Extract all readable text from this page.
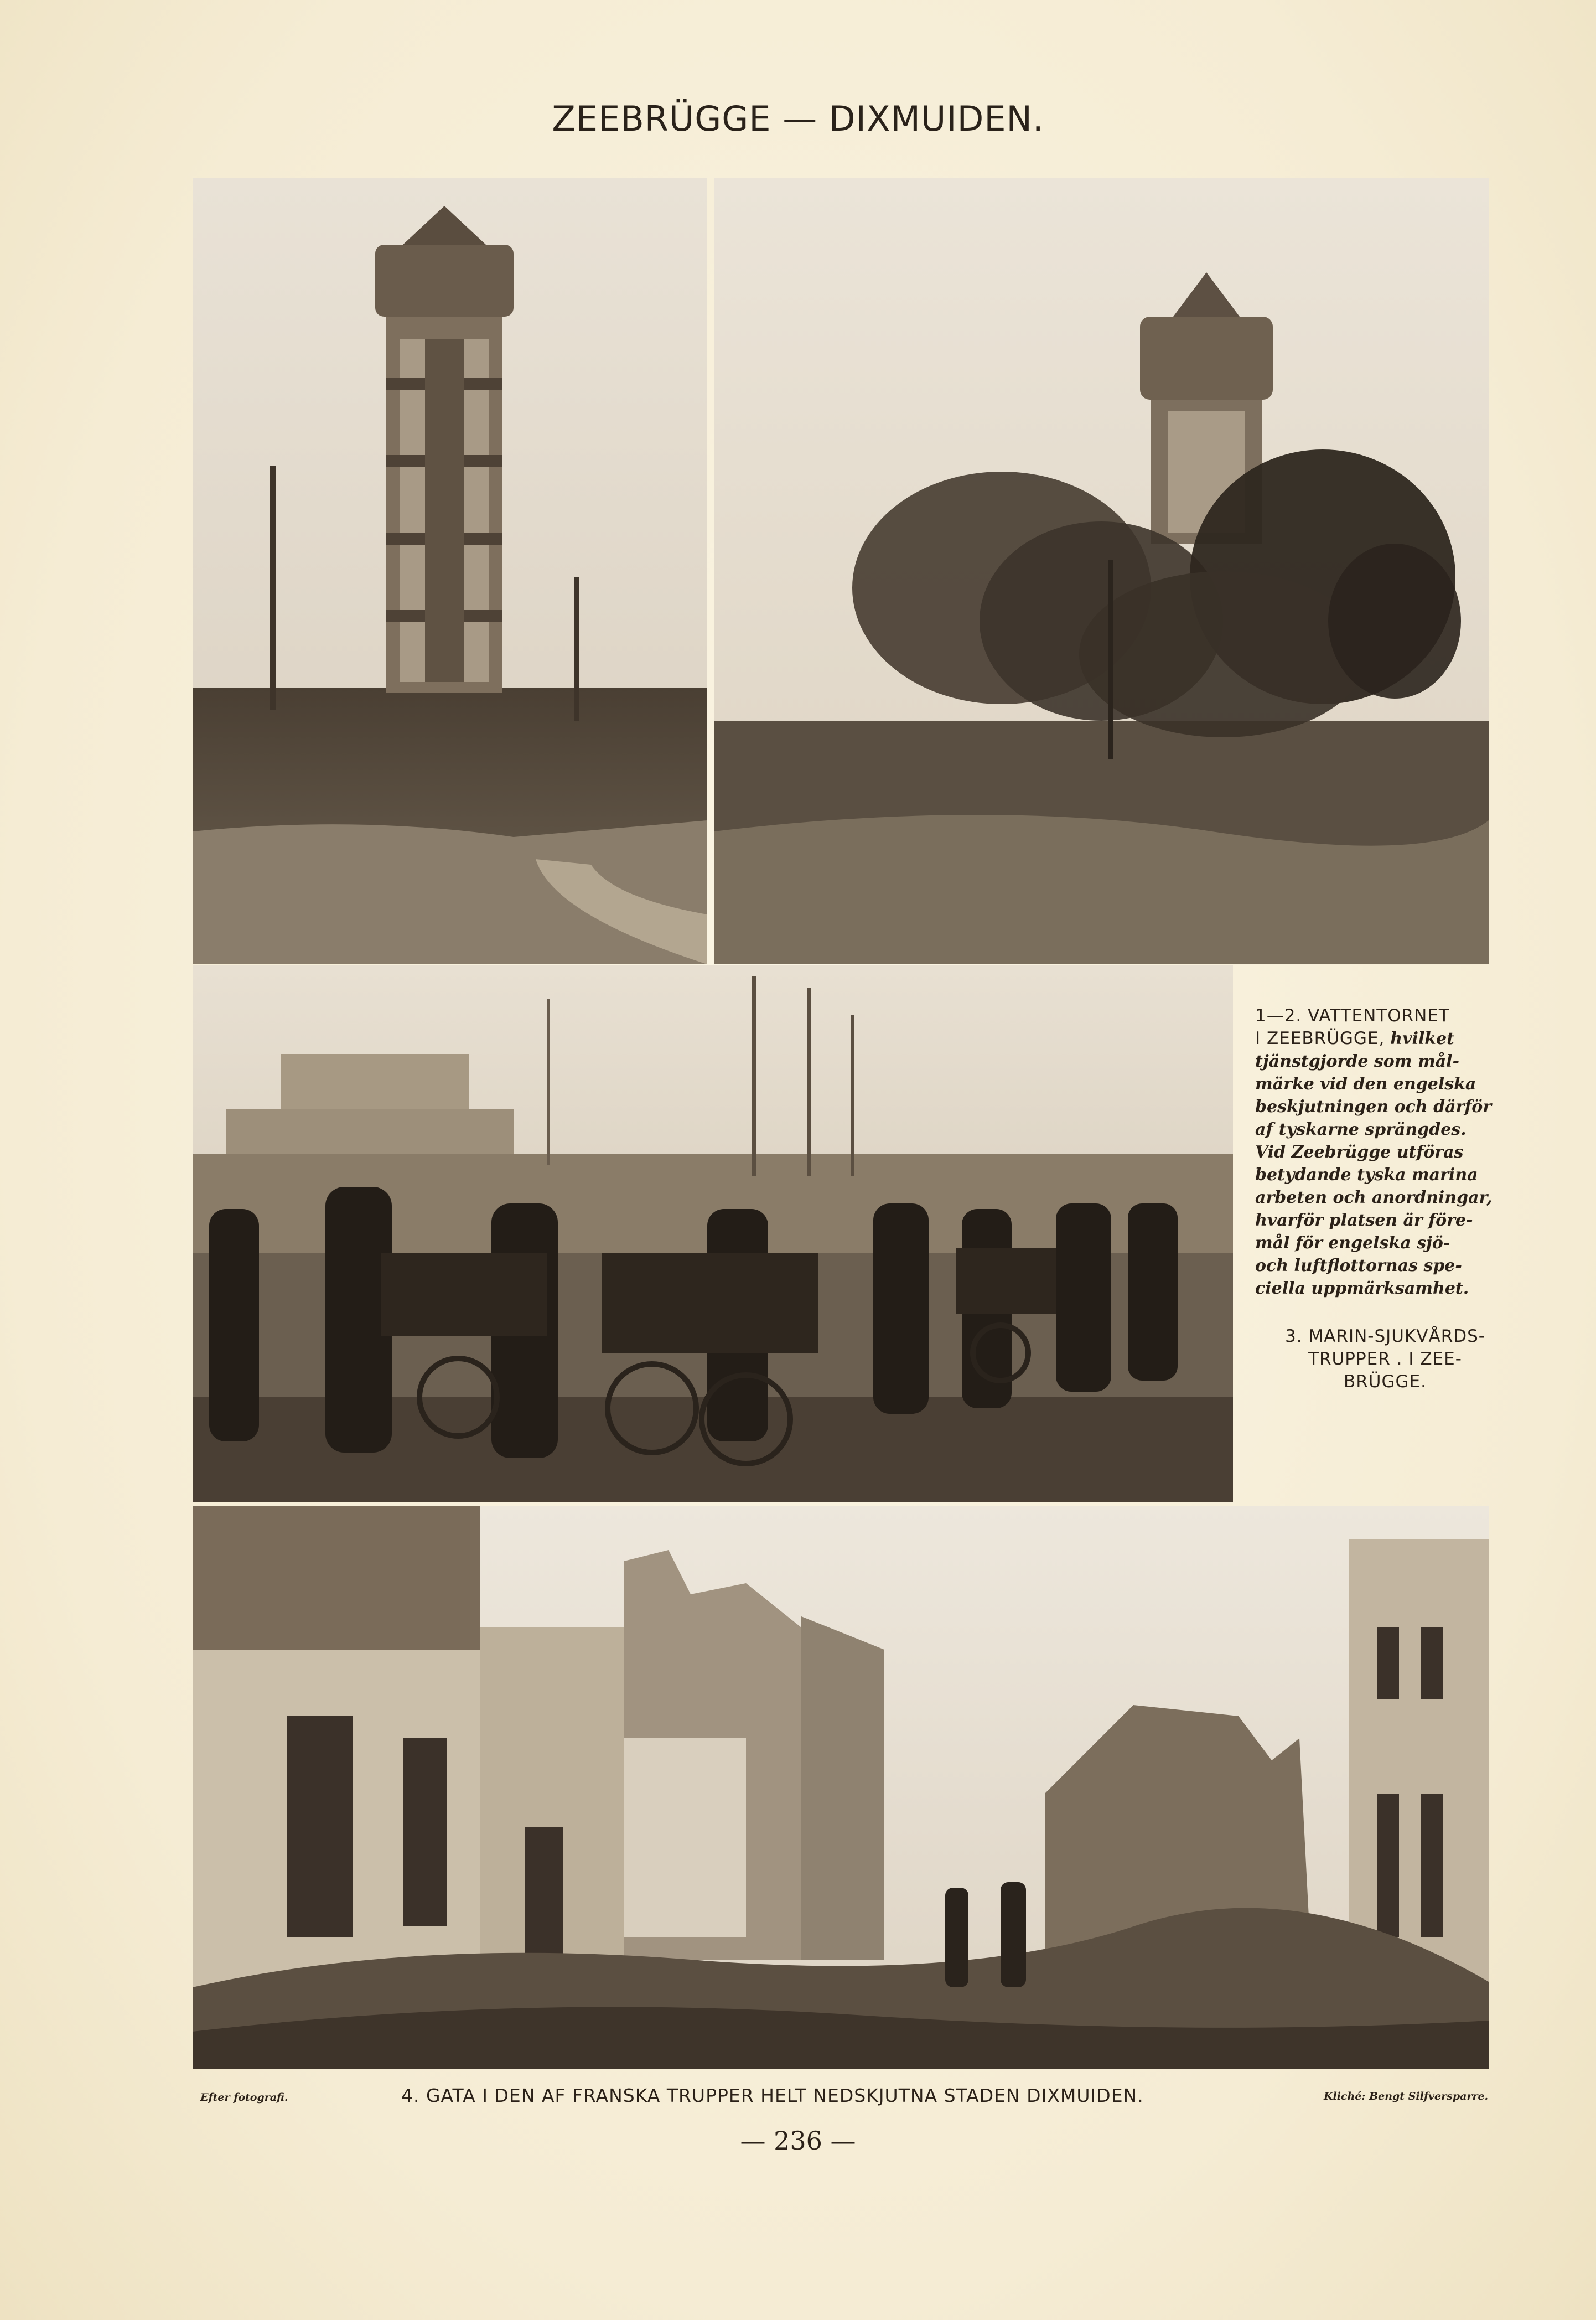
ZEEBRÜGGE — DIXMUIDEN.
1—2. VATTENTORNET
I ZEEBRÜGGE, hvilket
tjänstgjorde som mål-
märke vid den engelska
beskjutningen och därför
af tyskarne sprängdes.
Vid Zeebrügge utföras
betydande tyska marina
arbeten och anordningar,
hvarför platsen är före-
mål för engelska sjö-
och luftflottornas spe-
ciella uppmärksamhet.
3. MARIN-SJUKVÅRDS-
TRUPPER . I ZEE-
BRÜGGE.
Efter fotografi.	4. GATA I DEN AF FRANSKA TRUPPER HELT NEDSKJUTNA STADEN DIXMUIDEN.	Kliché: Bengt Silfversparre.
— 236 —
